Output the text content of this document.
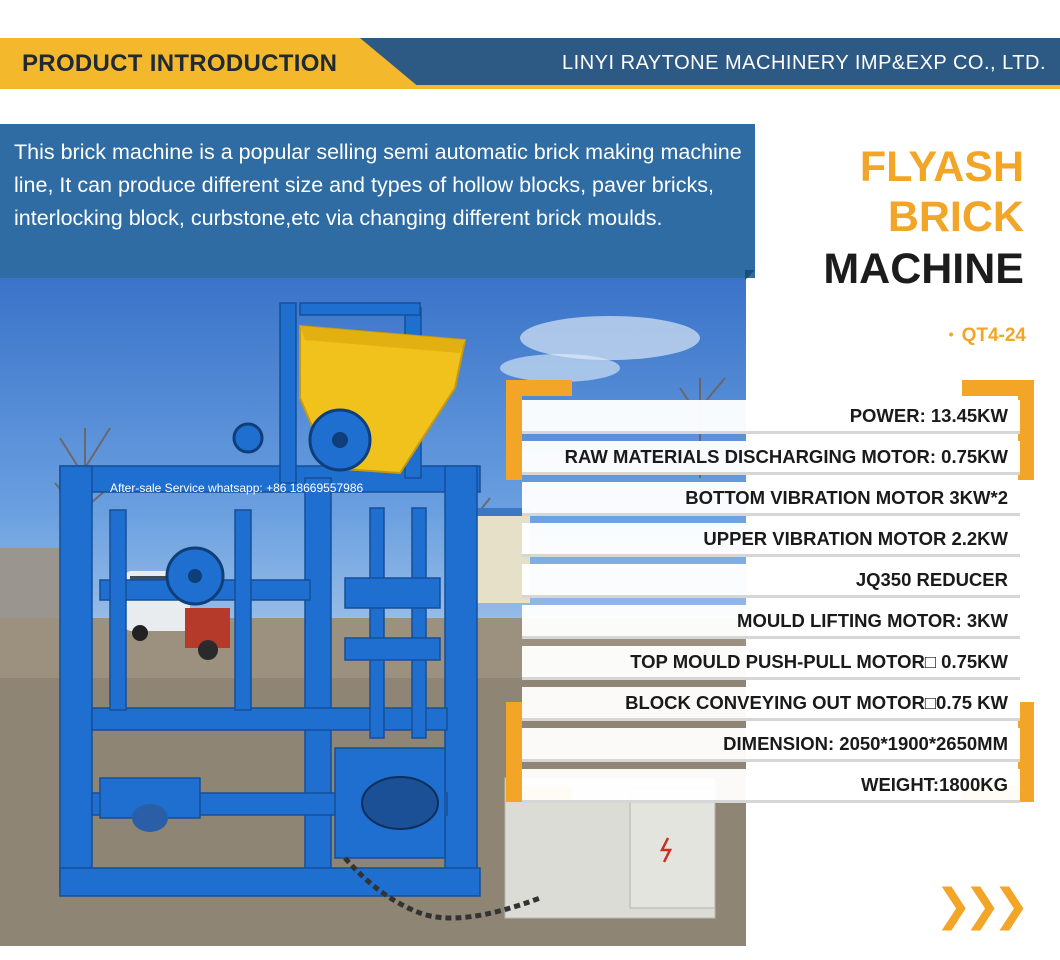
PRODUCT INTRODUCTION	LINYI RAYTONE MACHINERY IMP&EXP CO., LTD.
After-sale Service whatsapp: +86 18669557986
This brick machine is a popular selling semi automatic brick making machine line, It can produce different size and types of hollow blocks, paver bricks, interlocking block, curbstone,etc via changing different brick moulds.
FLYASH
BRICK
MACHINE
• QT4-24
POWER: 13.45KW
RAW MATERIALS DISCHARGING MOTOR: 0.75KW
BOTTOM VIBRATION MOTOR 3KW*2
UPPER VIBRATION MOTOR 2.2KW
JQ350 REDUCER
MOULD LIFTING MOTOR: 3KW
TOP MOULD PUSH-PULL MOTOR□ 0.75KW
BLOCK CONVEYING OUT MOTOR□0.75 KW
DIMENSION: 2050*1900*2650MM
WEIGHT:1800KG
❯❯❯
